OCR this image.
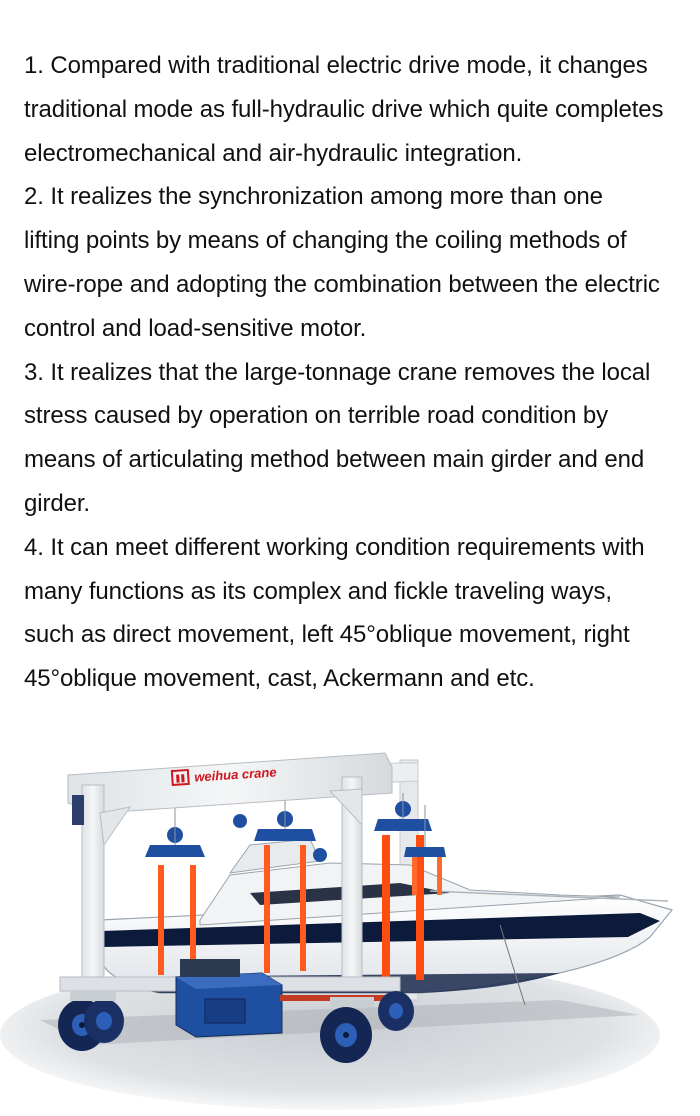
1. Compared with traditional electric drive mode, it changes
traditional mode as full-hydraulic drive which quite completes
electromechanical and air-hydraulic integration.
2. It realizes the synchronization among more than one
lifting points by means of changing the coiling methods of
wire-rope and adopting the combination between the electric
control and load-sensitive motor.
3. It realizes that the large-tonnage crane removes the local
stress caused by operation on terrible road condition by
means of articulating method between main girder and end
girder.
4. It can meet different working condition requirements with
many functions as its complex and fickle traveling ways,
such as direct movement, left 45°oblique movement, right
45°oblique movement, cast, Ackermann and etc.
weihua crane
